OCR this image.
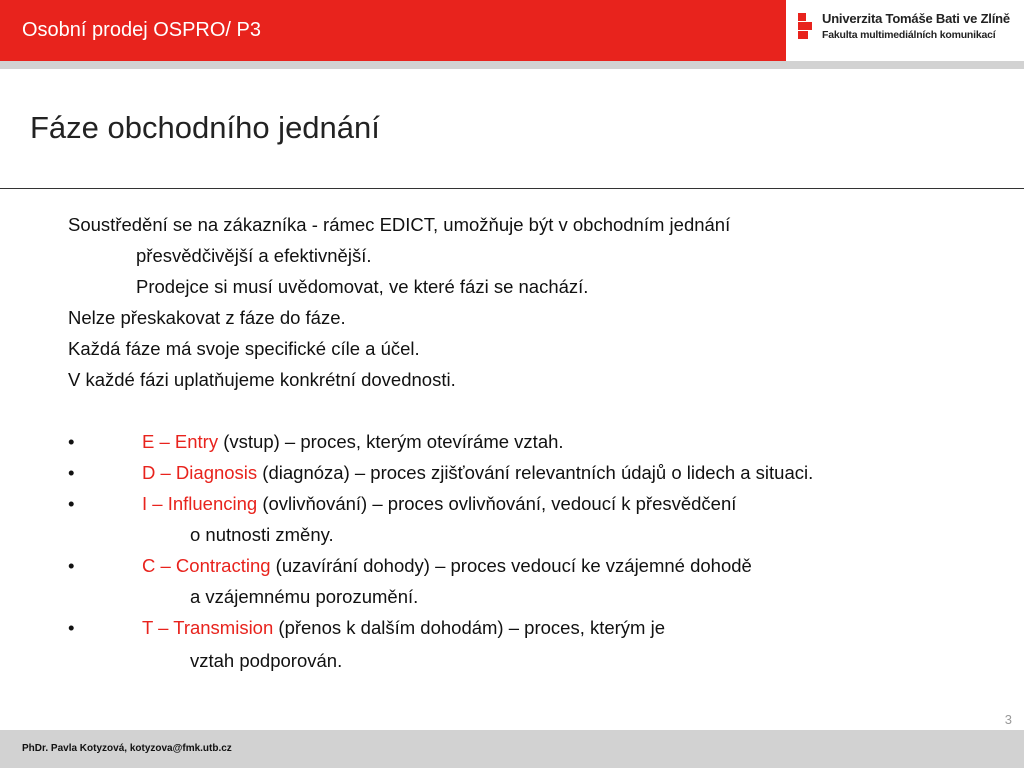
Osobní prodej OSPRO/ P3
Univerzita Tomáše Bati ve Zlíně
Fakulta multimediálních komunikací
Fáze obchodního jednání
Soustředění se na zákazníka - rámec EDICT, umožňuje být v obchodním jednání
přesvědčivější a efektivnější.
Prodejce si musí uvědomovat, ve které fázi se nachází.
Nelze přeskakovat z fáze do fáze.
Každá fáze má svoje specifické cíle a účel.
V každé fázi uplatňujeme konkrétní dovednosti.
•	E – Entry (vstup) – proces, kterým otevíráme vztah.
•	D – Diagnosis (diagnóza) – proces zjišťování relevantních údajů o lidech a situaci.
•	I – Influencing (ovlivňování) – proces ovlivňování, vedoucí k přesvědčení
o nutnosti změny.
•	C – Contracting (uzavírání dohody) – proces vedoucí ke vzájemné dohodě
a vzájemnému porozumění.
•	T – Transmision (přenos k dalším dohodám) – proces, kterým je
vztah podporován.
3
PhDr. Pavla Kotyzová, kotyzova@fmk.utb.cz
